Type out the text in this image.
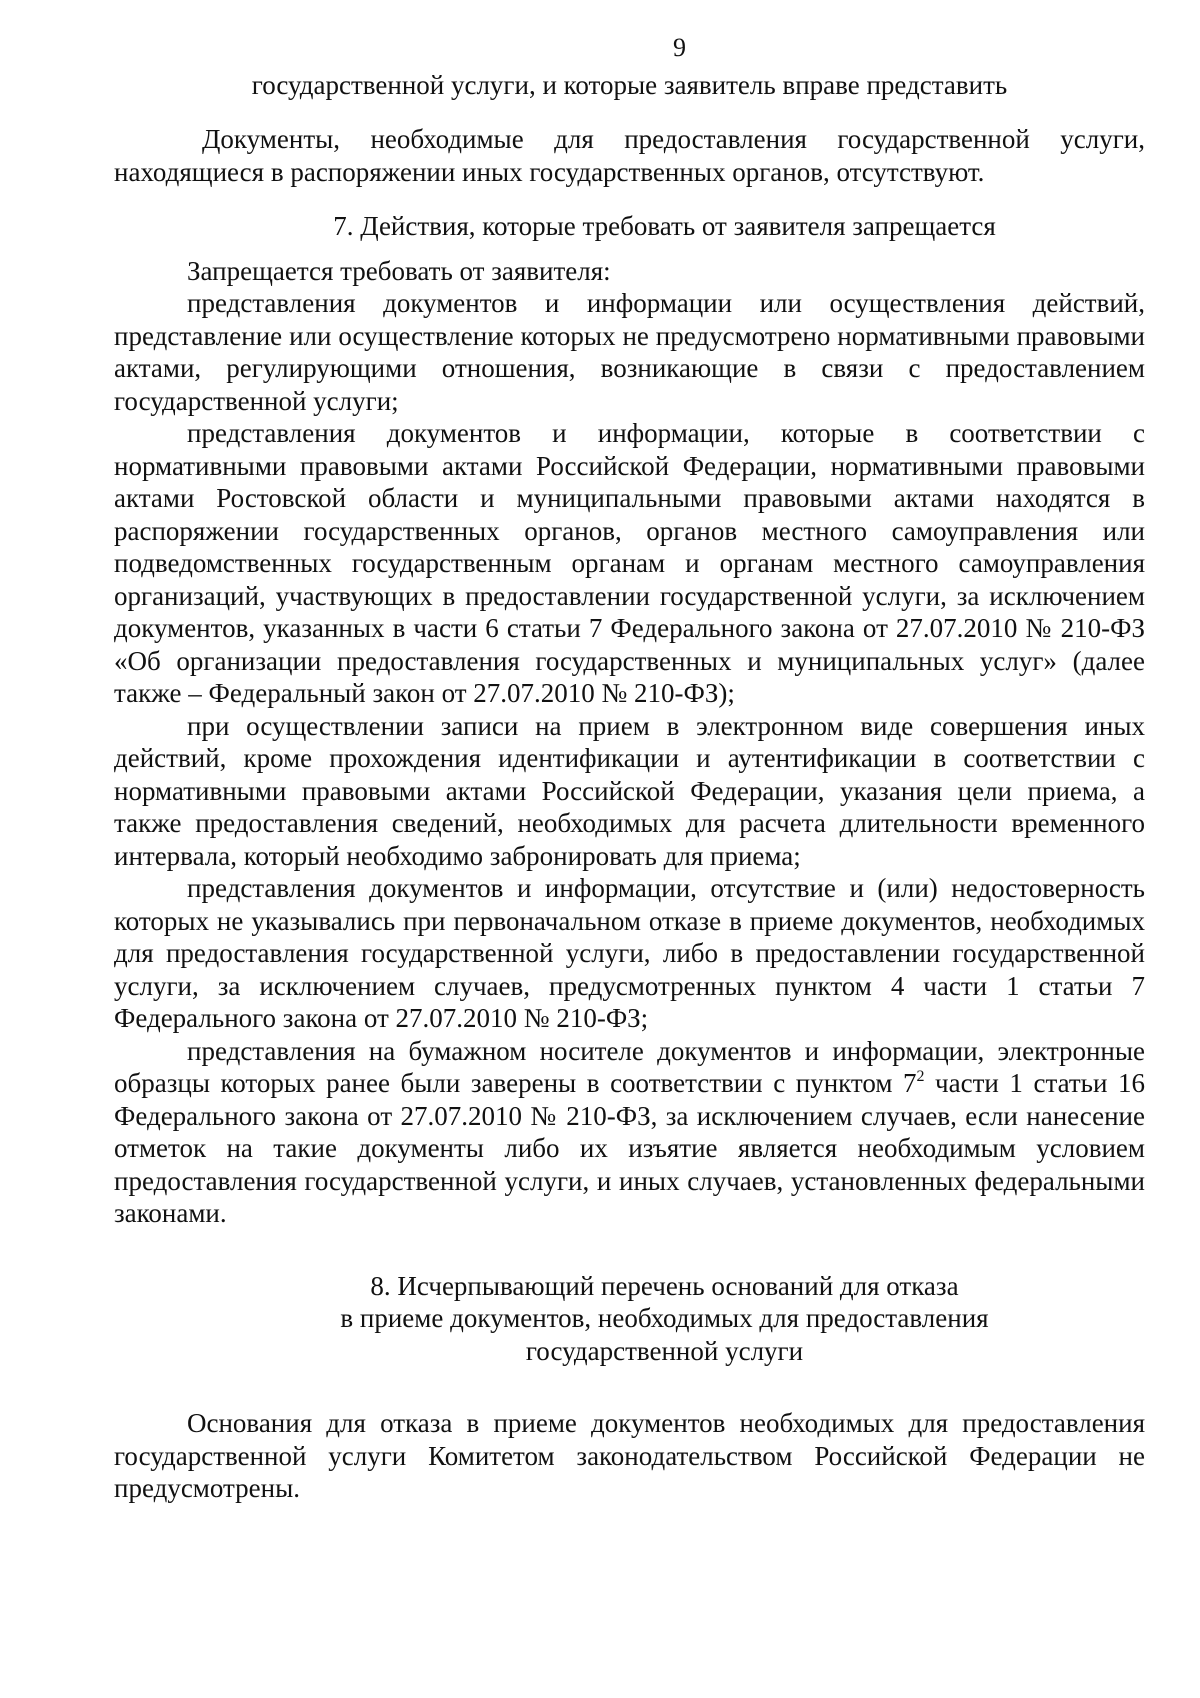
9

государственной услуги, и которые заявитель вправе представить

Документы, необходимые для предоставления государственной услуги, находящиеся в распоряжении иных государственных органов, отсутствуют.

7. Действия, которые требовать от заявителя запрещается

Запрещается требовать от заявителя:

представления документов и информации или осуществления действий, представление или осуществление которых не предусмотрено нормативными правовыми актами, регулирующими отношения, возникающие в связи с предоставлением государственной услуги;

представления документов и информации, которые в соответствии с нормативными правовыми актами Российской Федерации, нормативными правовыми актами Ростовской области и муниципальными правовыми актами находятся в распоряжении государственных органов, органов местного самоуправления или подведомственных государственным органам и органам местного самоуправления организаций, участвующих в предоставлении государственной услуги, за исключением документов, указанных в части 6 статьи 7 Федерального закона от 27.07.2010 № 210-ФЗ «Об организации предоставления государственных и муниципальных услуг» (далее также – Федеральный закон от 27.07.2010 № 210-ФЗ);

при осуществлении записи на прием в электронном виде совершения иных действий, кроме прохождения идентификации и аутентификации в соответствии с нормативными правовыми актами Российской Федерации, указания цели приема, а также предоставления сведений, необходимых для расчета длительности временного интервала, который необходимо забронировать для приема;

представления документов и информации, отсутствие и (или) недостоверность которых не указывались при первоначальном отказе в приеме документов, необходимых для предоставления государственной услуги, либо в предоставлении государственной услуги, за исключением случаев, предусмотренных пунктом 4 части 1 статьи 7 Федерального закона от 27.07.2010 № 210-ФЗ;

представления на бумажном носителе документов и информации, электронные образцы которых ранее были заверены в соответствии с пунктом $7^2$ части 1 статьи 16 Федерального закона от 27.07.2010 № 210-ФЗ, за исключением случаев, если нанесение отметок на такие документы либо их изъятие является необходимым условием предоставления государственной услуги, и иных случаев, установленных федеральными законами.

8. Исчерпывающий перечень оснований для отказа

в приеме документов, необходимых для предоставления

государственной услуги

Основания для отказа в приеме документов необходимых для предоставления государственной услуги Комитетом законодательством Российской Федерации не предусмотрены.
